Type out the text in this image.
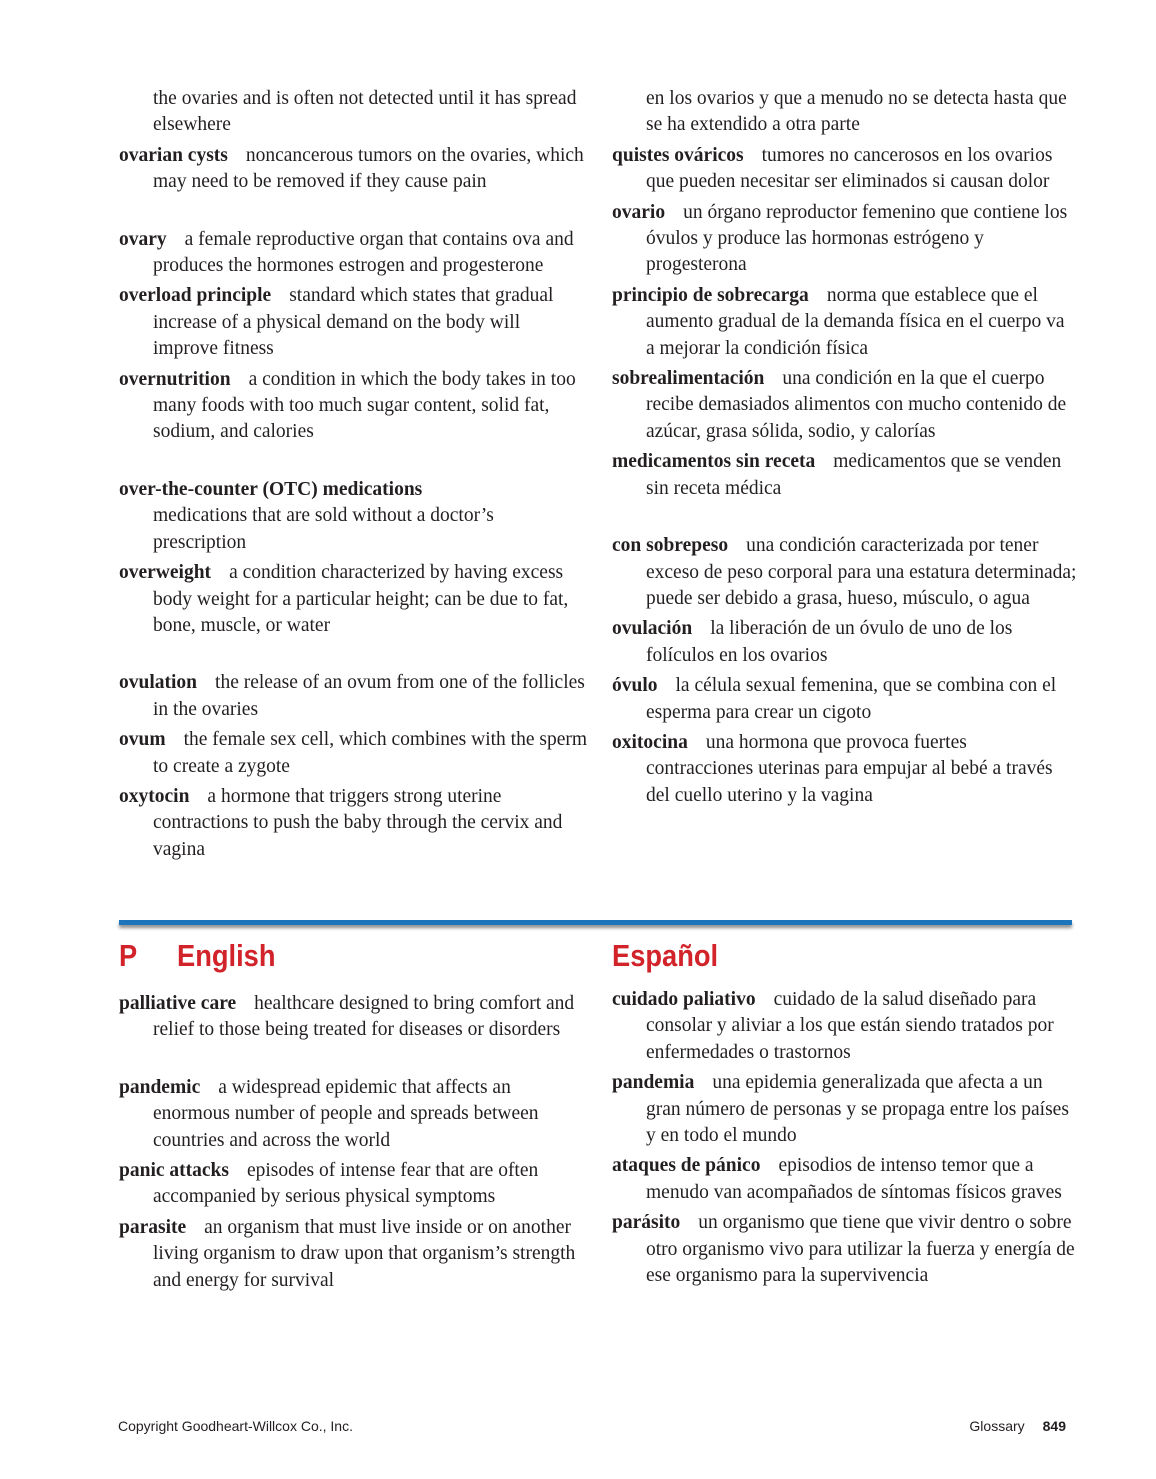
the ovaries and is often not detected until it has spread elsewhere

ovarian cysts noncancerous tumors on the ovaries, which may need to be removed if they cause pain

ovary a female reproductive organ that contains ova and produces the hormones estrogen and progesterone

overload principle standard which states that gradual increase of a physical demand on the body will improve fitness

overnutrition a condition in which the body takes in too many foods with too much sugar content, solid fat, sodium, and calories

over-the-counter (OTC) medications
medications that are sold without a doctor’s prescription

overweight a condition characterized by having excess body weight for a particular height; can be due to fat, bone, muscle, or water

ovulation the release of an ovum from one of the follicles in the ovaries

ovum the female sex cell, which combines with the sperm to create a zygote

oxytocin a hormone that triggers strong uterine contractions to push the baby through the cervix and vagina

en los ovarios y que a menudo no se detecta hasta que se ha extendido a otra parte

quistes ováricos tumores no cancerosos en los ovarios que pueden necesitar ser eliminados si causan dolor

ovario un órgano reproductor femenino que contiene los óvulos y produce las hormonas estrógeno y progesterona

principio de sobrecarga norma que establece que el aumento gradual de la demanda física en el cuerpo va a mejorar la condición física

sobrealimentación una condición en la que el cuerpo recibe demasiados alimentos con mucho contenido de azúcar, grasa sólida, sodio, y calorías

medicamentos sin receta medicamentos que se venden sin receta médica

con sobrepeso una condición caracterizada por tener exceso de peso corporal para una estatura determinada; puede ser debido a grasa, hueso, músculo, o agua

ovulación la liberación de un óvulo de uno de los folículos en los ovarios

óvulo la célula sexual femenina, que se combina con el esperma para crear un cigoto

oxitocina una hormona que provoca fuertes contracciones uterinas para empujar al bebé a través del cuello uterino y la vagina

P English	Español

palliative care healthcare designed to bring comfort and relief to those being treated for diseases or disorders

pandemic a widespread epidemic that affects an enormous number of people and spreads between countries and across the world

panic attacks episodes of intense fear that are often accompanied by serious physical symptoms

parasite an organism that must live inside or on another living organism to draw upon that organism’s strength and energy for survival

cuidado paliativo cuidado de la salud diseñado para consolar y aliviar a los que están siendo tratados por enfermedades o trastornos

pandemia una epidemia generalizada que afecta a un gran número de personas y se propaga entre los países y en todo el mundo

ataques de pánico episodios de intenso temor que a menudo van acompañados de síntomas físicos graves

parásito un organismo que tiene que vivir dentro o sobre otro organismo vivo para utilizar la fuerza y energía de ese organismo para la supervivencia

Copyright Goodheart-Willcox Co., Inc.	Glossary 849
